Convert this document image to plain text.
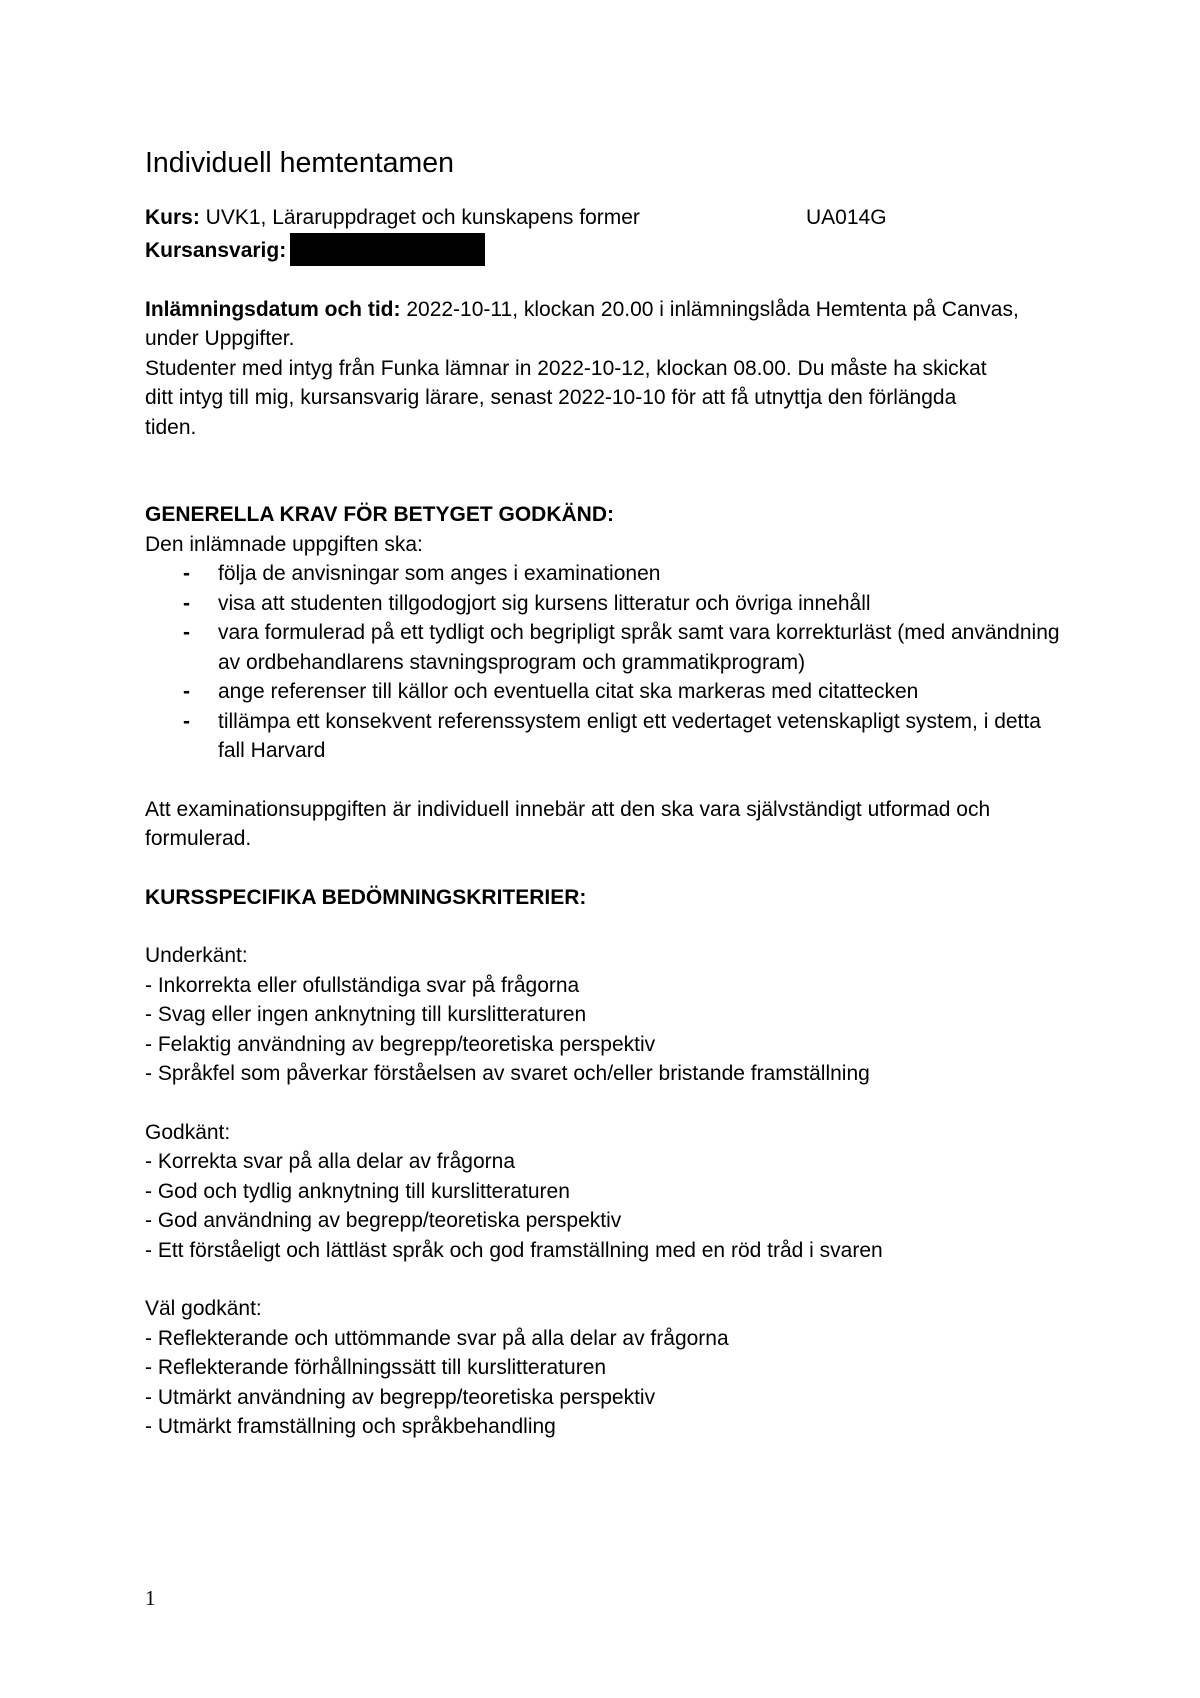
Individuell hemtentamen
Kurs: UVK1, Läraruppdraget och kunskapens former	UA014G
Kursansvarig:
Inlämningsdatum och tid: 2022-10-11, klockan 20.00 i inlämningslåda Hemtenta på Canvas,
under Uppgifter.
Studenter med intyg från Funka lämnar in 2022-10-12, klockan 08.00. Du måste ha skickat
ditt intyg till mig, kursansvarig lärare, senast 2022-10-10 för att få utnyttja den förlängda
tiden.
GENERELLA KRAV FÖR BETYGET GODKÄND:
Den inlämnade uppgiften ska:
- följa de anvisningar som anges i examinationen
- visa att studenten tillgodogjort sig kursens litteratur och övriga innehåll
- vara formulerad på ett tydligt och begripligt språk samt vara korrekturläst (med användning av ordbehandlarens stavningsprogram och grammatikprogram)
- ange referenser till källor och eventuella citat ska markeras med citattecken
- tillämpa ett konsekvent referenssystem enligt ett vedertaget vetenskapligt system, i detta fall Harvard
Att examinationsuppgiften är individuell innebär att den ska vara självständigt utformad och
formulerad.
KURSSPECIFIKA BEDÖMNINGSKRITERIER:
Underkänt:
- Inkorrekta eller ofullständiga svar på frågorna
- Svag eller ingen anknytning till kurslitteraturen
- Felaktig användning av begrepp/teoretiska perspektiv
- Språkfel som påverkar förståelsen av svaret och/eller bristande framställning
Godkänt:
- Korrekta svar på alla delar av frågorna
- God och tydlig anknytning till kurslitteraturen
- God användning av begrepp/teoretiska perspektiv
- Ett förståeligt och lättläst språk och god framställning med en röd tråd i svaren
Väl godkänt:
- Reflekterande och uttömmande svar på alla delar av frågorna
- Reflekterande förhållningssätt till kurslitteraturen
- Utmärkt användning av begrepp/teoretiska perspektiv
- Utmärkt framställning och språkbehandling
1
